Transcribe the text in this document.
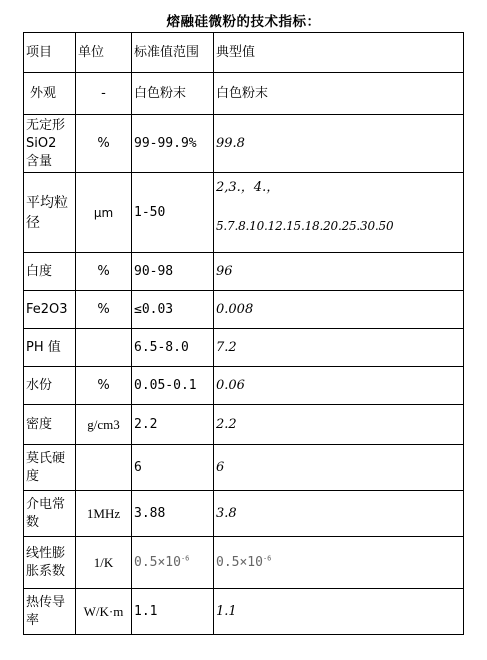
熔融硅微粉的技术指标：
项目	单位	标准值范围	典型值
外观	-	白色粉末	白色粉末
无定形SiO2 含量	%	99-99.9%	99.8
平均粒径	μm	1-50	2,3.，4.，
5.7.8.10.12.15.18.20.25.30.50

白度	%	90-98	96
Fe2O3	%	≤0.03	0.008
PH 值		6.5-8.0	7.2
水份	%	0.05-0.1	0.06
密度	g/cm3	2.2	2.2
莫氏硬度		6	6
介电常数	1MHz	3.88	3.8
线性膨胀系数	1/K	$0.5\times 10^{-6}$	$0.5\times 10^{-6}$
热传导率	W/K·m	1.1	1.1
